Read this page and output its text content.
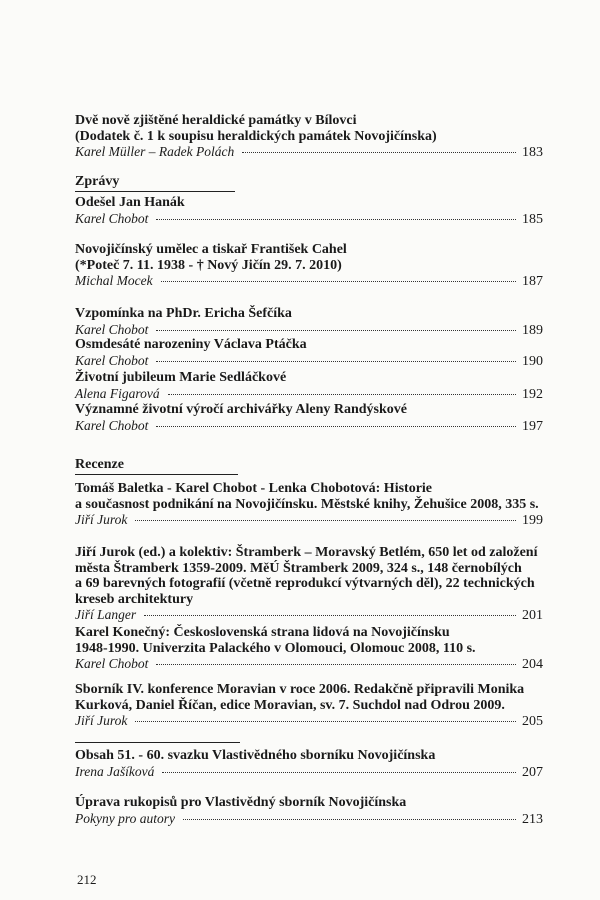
Dvě nově zjištěné heraldické památky v Bílovci
(Dodatek č. 1 k soupisu heraldických památek Novojičínska)
Karel Müller – Radek Polách	183
Odešel Jan Hanák
Karel Chobot	185
Novojičínský umělec a tiskař František Cahel
(*Poteč 7. 11. 1938 - † Nový Jičín 29. 7. 2010)
Michal Mocek	187
Vzpomínka na PhDr. Ericha Šefčíka
Karel Chobot	189
Osmdesáté narozeniny Václava Ptáčka
Karel Chobot	190
Životní jubileum Marie Sedláčkové
Alena Figarová	192
Významné životní výročí archivářky Aleny Randýskové
Karel Chobot	197
Tomáš Baletka - Karel Chobot - Lenka Chobotová: Historie
a současnost podnikání na Novojičínsku. Městské knihy, Žehušice 2008, 335 s.
Jiří Jurok	199
Jiří Jurok (ed.) a kolektiv: Štramberk – Moravský Betlém, 650 let od založení
města Štramberk 1359-2009. MěÚ Štramberk 2009, 324 s., 148 černobílých
a 69 barevných fotografií (včetně reprodukcí výtvarných děl), 22 technických
kreseb architektury
Jiří Langer	201
Karel Konečný: Československá strana lidová na Novojičínsku
1948-1990. Univerzita Palackého v Olomouci, Olomouc 2008, 110 s.
Karel Chobot	204
Sborník IV. konference Moravian v roce 2006. Redakčně připravili Monika
Kurková, Daniel Říčan, edice Moravian, sv. 7. Suchdol nad Odrou 2009.
Jiří Jurok	205
Obsah 51. - 60. svazku Vlastivědného sborníku Novojičínska
Irena Jašíková	207
Úprava rukopisů pro Vlastivědný sborník Novojičínska
Pokyny pro autory	213
Zprávy
Recenze
212
